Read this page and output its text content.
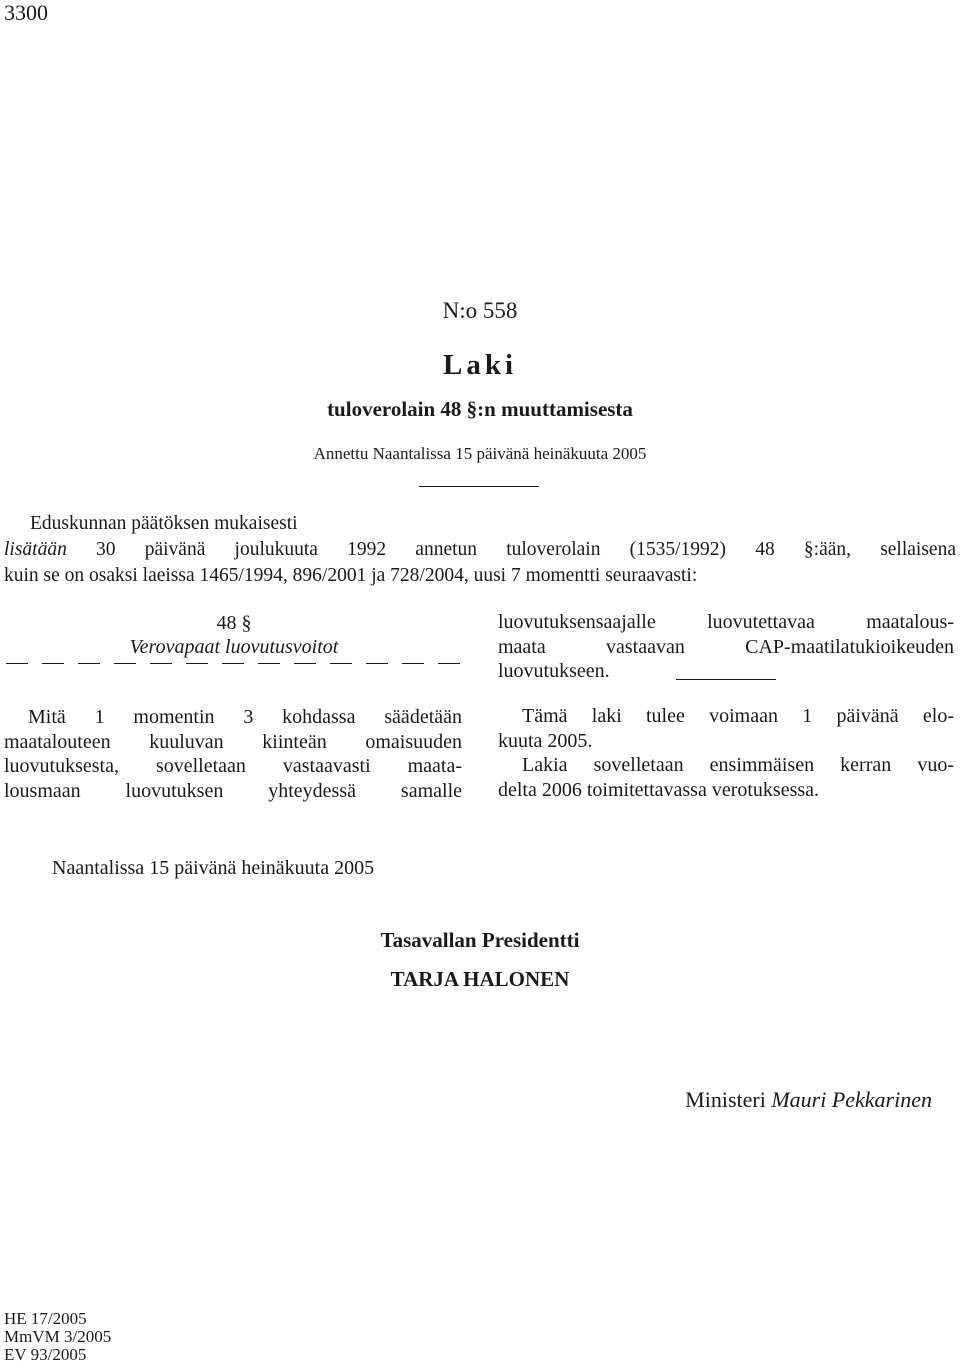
3300
N:o 558
Laki
tuloverolain 48 §:n muuttamisesta
Annettu Naantalissa 15 päivänä heinäkuuta 2005
Eduskunnan päätöksen mukaisesti
lisätään 30 päivänä joulukuuta 1992 annetun tuloverolain (1535/1992) 48 §:ään, sellaisena
kuin se on osaksi laeissa 1465/1994, 896/2001 ja 728/2004, uusi 7 momentti seuraavasti:
48 §
Verovapaat luovutusvoitot

Mitä 1 momentin 3 kohdassa säädetään

maatalouteen kuuluvan kiinteän omaisuuden

luovutuksesta, sovelletaan vastaavasti maata-

lousmaan luovutuksen yhteydessä samalle

luovutuksensaajalle luovutettavaa maatalous-

maata vastaavan CAP-maatilatukioikeuden

luovutukseen.

Tämä laki tulee voimaan 1 päivänä elo-

kuuta 2005.

Lakia sovelletaan ensimmäisen kerran vuo-

delta 2006 toimitettavassa verotuksessa.

Naantalissa 15 päivänä heinäkuuta 2005
Tasavallan Presidentti
TARJA HALONEN
Ministeri Mauri Pekkarinen
HE 17/2005
MmVM 3/2005
EV 93/2005
